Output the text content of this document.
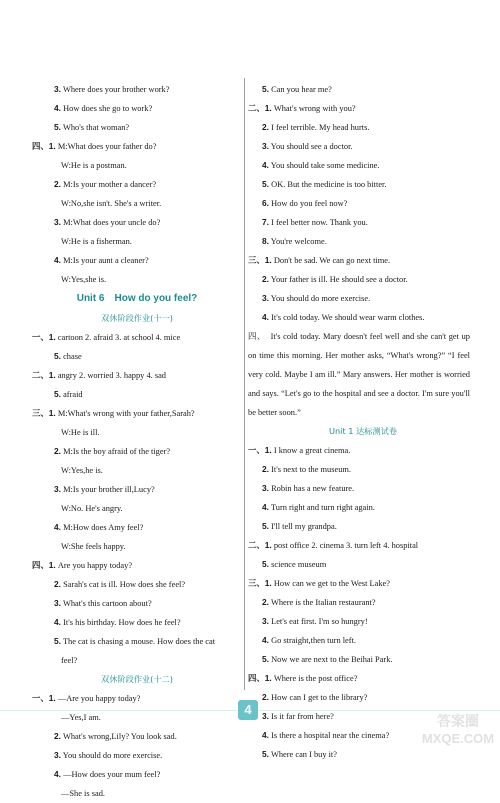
3. Where does your brother work?
4. How does she go to work?
5. Who's that woman?
四、1. M:What does your father do?
W:He is a postman.
2. M:Is your mother a dancer?
W:No,she isn't. She's a writer.
3. M:What does your uncle do?
W:He is a fisherman.
4. M:Is your aunt a cleaner?
W:Yes,she is.
Unit 6　How do you feel?
双休阶段作业(十一)
一、1. cartoon 2. afraid 3. at school 4. mice
5. chase
二、1. angry 2. worried 3. happy 4. sad
5. afraid
三、1. M:What's wrong with your father,Sarah?
W:He is ill.
2. M:Is the boy afraid of the tiger?
W:Yes,he is.
3. M:Is your brother ill,Lucy?
W:No. He's angry.
4. M:How does Amy feel?
W:She feels happy.
四、1. Are you happy today?
2. Sarah's cat is ill. How does she feel?
3. What's this cartoon about?
4. It's his birthday. How does he feel?
5. The cat is chasing a mouse. How does the cat
feel?
双休阶段作业(十二)
一、1. —Are you happy today?
—Yes,I am.
2. What's wrong,Lily? You look sad.
3. You should do more exercise.
4. —How does your mum feel?
—She is sad.
5. Can you hear me?
二、1. What's wrong with you?
2. I feel terrible. My head hurts.
3. You should see a doctor.
4. You should take some medicine.
5. OK. But the medicine is too bitter.
6. How do you feel now?
7. I feel better now. Thank you.
8. You're welcome.
三、1. Don't be sad. We can go next time.
2. Your father is ill. He should see a doctor.
3. You should do more exercise.
4. It's cold today. We should wear warm clothes.
四、　It's cold today. Mary doesn't feel well and she can't get up on time this morning. Her mother asks, “What's wrong?” “I feel very cold. Maybe I am ill.” Mary answers. Her mother is worried and says. “Let's go to the hospital and see a doctor. I'm sure you'll be better soon.”
Unit 1 达标测试卷
一、1. I know a great cinema.
2. It's next to the museum.
3. Robin has a new feature.
4. Turn right and turn right again.
5. I'll tell my grandpa.
二、1. post office 2. cinema 3. turn left 4. hospital
5. science museum
三、1. How can we get to the West Lake?
2. Where is the Italian restaurant?
3. Let's eat first. I'm so hungry!
4. Go straight,then turn left.
5. Now we are next to the Beihai Park.
四、1. Where is the post office?
2. How can I get to the library?
3. Is it far from here?
4. Is there a hospital near the cinema?
5. Where can I buy it?
4
答案圈
MXQE.COM
